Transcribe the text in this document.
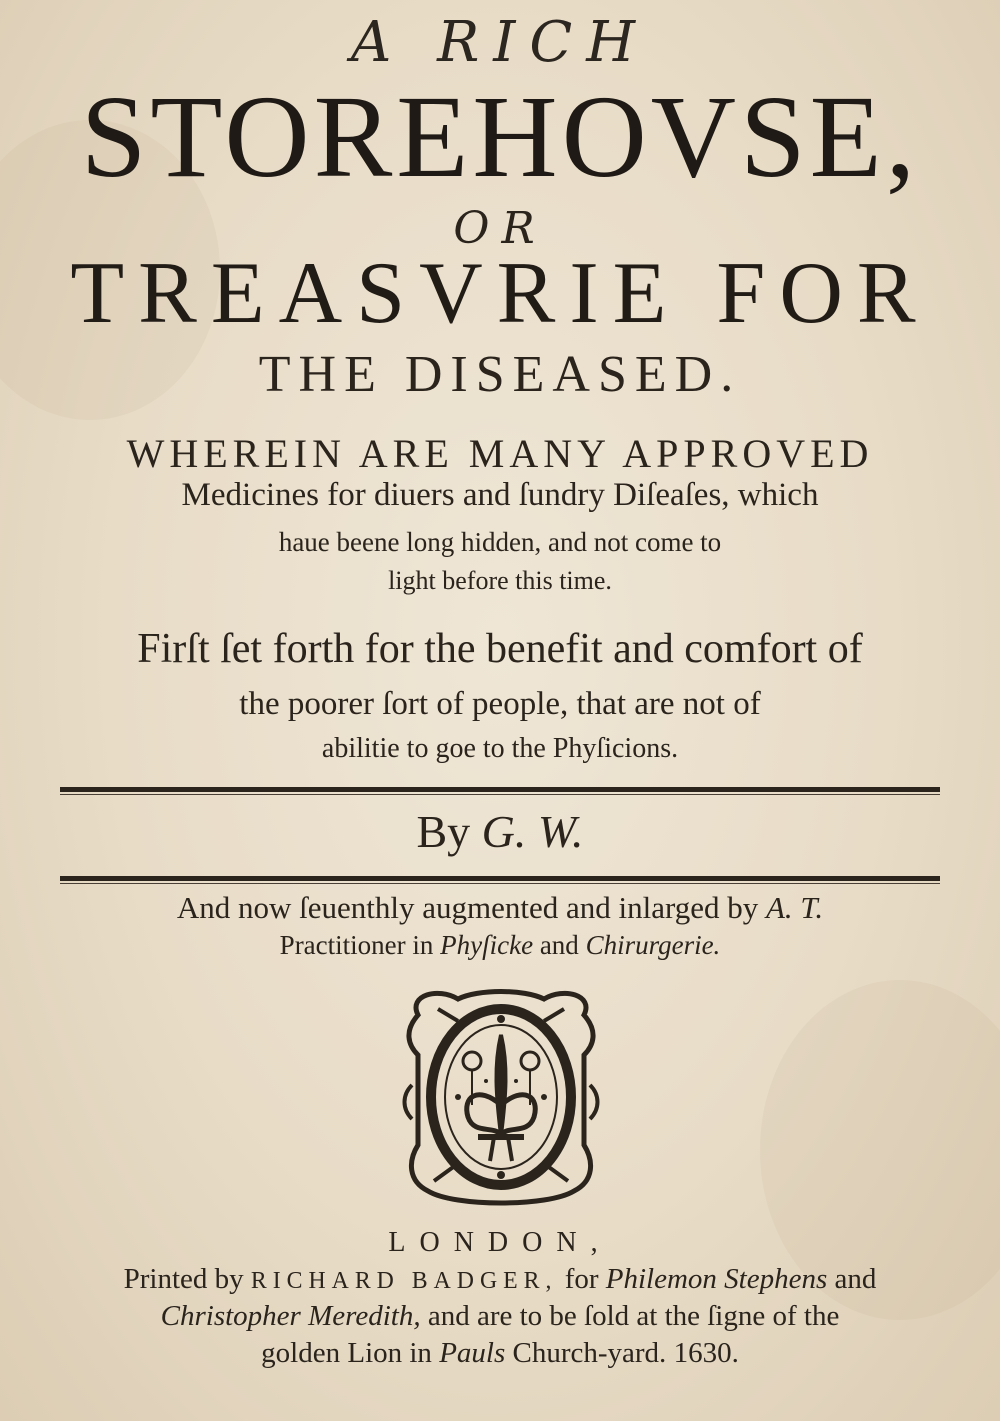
A RICH
STOREHOVSE,
OR
TREASVRIE FOR
THE DISEASED.
WHEREIN ARE MANY APPROVED
Medicines for diuers and ſundry Diſeaſes, which
haue beene long hidden, and not come to
light before this time.
Firſt ſet forth for the benefit and comfort of
the poorer ſort of people, that are not of
abilitie to goe to the Phyſicions.
By G. W.
And now ſeuenthly augmented and inlarged by A. T.
Practitioner in Phyſicke and Chirurgerie.
LONDON,
Printed by RICHARD BADGER, for Philemon Stephens and
Christopher Meredith, and are to be ſold at the ſigne of the
golden Lion in Pauls Church-yard. 1630.
